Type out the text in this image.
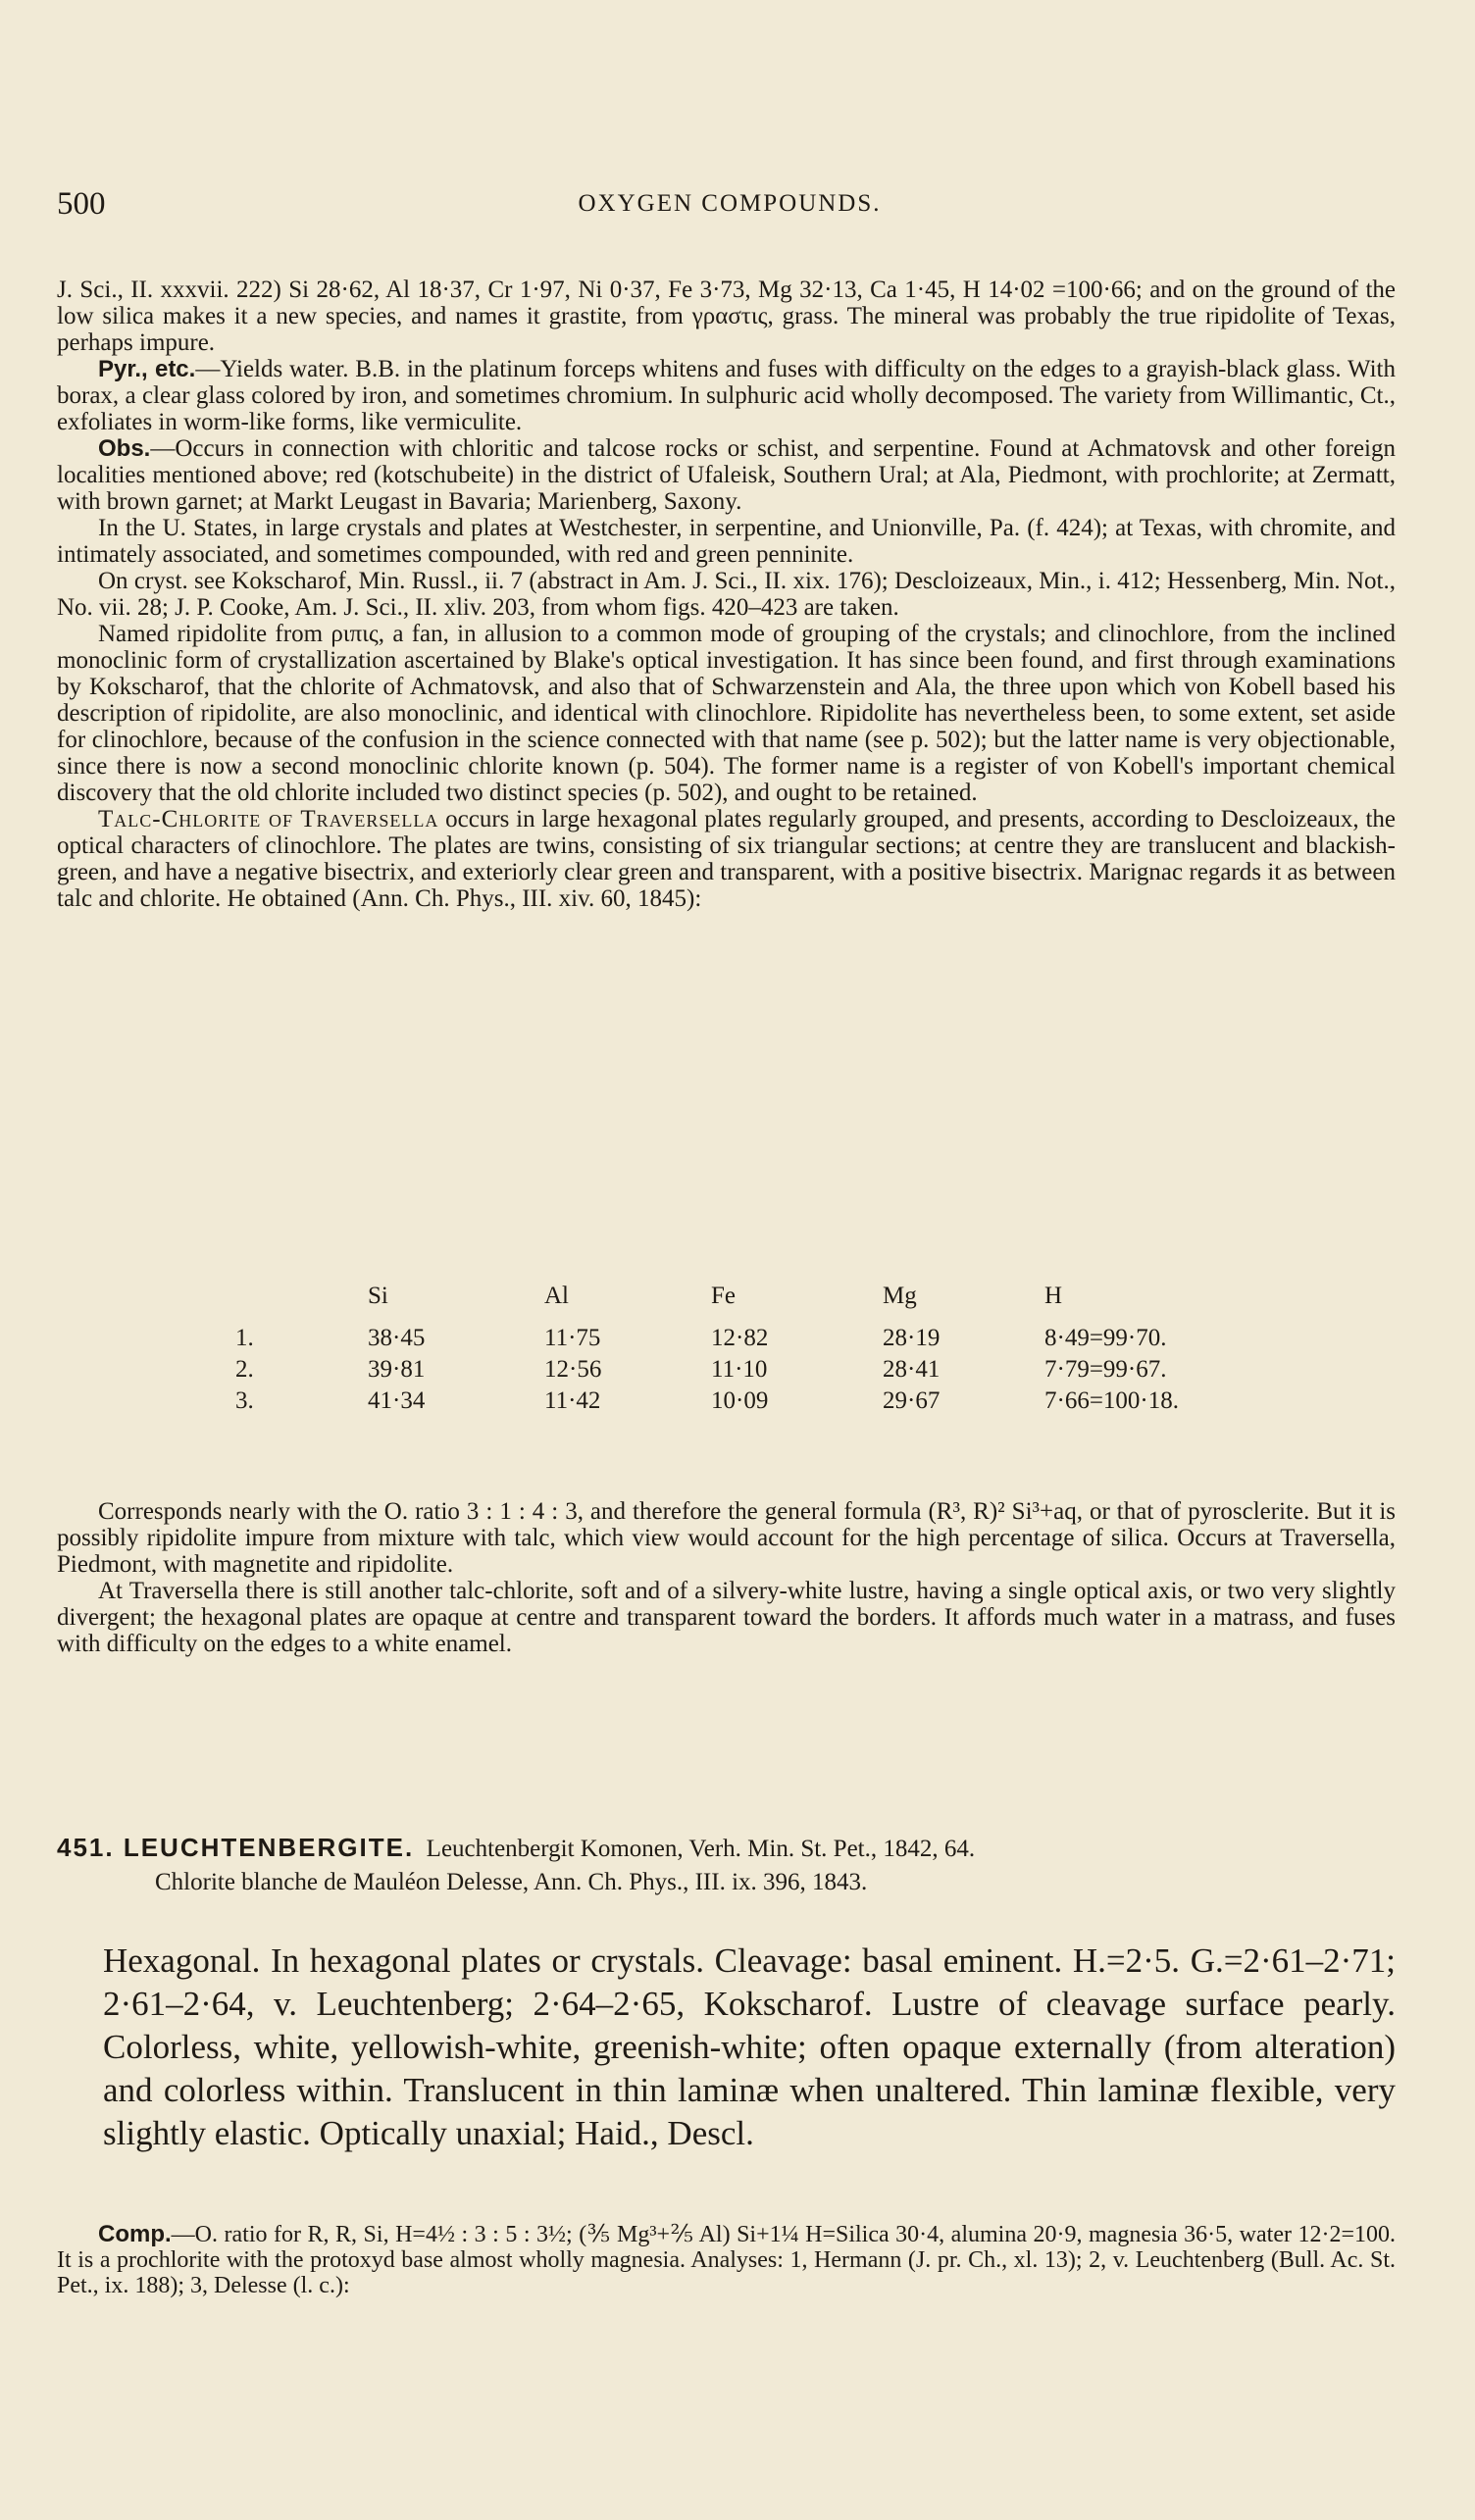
500	OXYGEN COMPOUNDS.

J. Sci., II. xxxvii. 222) Si 28·62, Al 18·37, Cr 1·97, Ni 0·37, Fe 3·73, Mg 32·13, Ca 1·45, H 14·02 =100·66; and on the ground of the low silica makes it a new species, and names it grastite, from γραστις, grass. The mineral was probably the true ripidolite of Texas, perhaps impure.

Pyr., etc.—Yields water. B.B. in the platinum forceps whitens and fuses with difficulty on the edges to a grayish-black glass. With borax, a clear glass colored by iron, and sometimes chromium. In sulphuric acid wholly decomposed. The variety from Willimantic, Ct., exfoliates in worm-like forms, like vermiculite.

Obs.—Occurs in connection with chloritic and talcose rocks or schist, and serpentine. Found at Achmatovsk and other foreign localities mentioned above; red (kotschubeite) in the district of Ufaleisk, Southern Ural; at Ala, Piedmont, with prochlorite; at Zermatt, with brown garnet; at Markt Leugast in Bavaria; Marienberg, Saxony.

In the U. States, in large crystals and plates at Westchester, in serpentine, and Unionville, Pa. (f. 424); at Texas, with chromite, and intimately associated, and sometimes compounded, with red and green penninite.

On cryst. see Kokscharof, Min. Russl., ii. 7 (abstract in Am. J. Sci., II. xix. 176); Descloizeaux, Min., i. 412; Hessenberg, Min. Not., No. vii. 28; J. P. Cooke, Am. J. Sci., II. xliv. 203, from whom figs. 420–423 are taken.

Named ripidolite from ριπις, a fan, in allusion to a common mode of grouping of the crystals; and clinochlore, from the inclined monoclinic form of crystallization ascertained by Blake's optical investigation. It has since been found, and first through examinations by Kokscharof, that the chlorite of Achmatovsk, and also that of Schwarzenstein and Ala, the three upon which von Kobell based his description of ripidolite, are also monoclinic, and identical with clinochlore. Ripidolite has nevertheless been, to some extent, set aside for clinochlore, because of the confusion in the science connected with that name (see p. 502); but the latter name is very objectionable, since there is now a second monoclinic chlorite known (p. 504). The former name is a register of von Kobell's important chemical discovery that the old chlorite included two distinct species (p. 502), and ought to be retained.

Talc-Chlorite of Traversella occurs in large hexagonal plates regularly grouped, and presents, according to Descloizeaux, the optical characters of clinochlore. The plates are twins, consisting of six triangular sections; at centre they are translucent and blackish-green, and have a negative bisectrix, and exteriorly clear green and transparent, with a positive bisectrix. Marignac regards it as between talc and chlorite. He obtained (Ann. Ch. Phys., III. xiv. 60, 1845):

	Si	Al	Fe	Mg	H
1.	38·45	11·75	12·82	28·19	8·49=99·70.
2.	39·81	12·56	11·10	28·41	7·79=99·67.
3.	41·34	11·42	10·09	29·67	7·66=100·18.

Corresponds nearly with the O. ratio 3 : 1 : 4 : 3, and therefore the general formula (R³, R)² Si³+aq, or that of pyrosclerite. But it is possibly ripidolite impure from mixture with talc, which view would account for the high percentage of silica. Occurs at Traversella, Piedmont, with magnetite and ripidolite.

At Traversella there is still another talc-chlorite, soft and of a silvery-white lustre, having a single optical axis, or two very slightly divergent; the hexagonal plates are opaque at centre and transparent toward the borders. It affords much water in a matrass, and fuses with difficulty on the edges to a white enamel.

451. LEUCHTENBERGITE. Leuchtenbergit Komonen, Verh. Min. St. Pet., 1842, 64.

Chlorite blanche de Mauléon Delesse, Ann. Ch. Phys., III. ix. 396, 1843.

Hexagonal. In hexagonal plates or crystals. Cleavage: basal eminent. H.=2·5. G.=2·61–2·71; 2·61–2·64, v. Leuchtenberg; 2·64–2·65, Kokscharof. Lustre of cleavage surface pearly. Colorless, white, yellowish-white, greenish-white; often opaque externally (from alteration) and colorless within. Translucent in thin laminæ when unaltered. Thin laminæ flexible, very slightly elastic. Optically unaxial; Haid., Descl.

Comp.—O. ratio for R, R, Si, H=4½ : 3 : 5 : 3½; (⅗ Mg³+⅖ Al) Si+1¼ H=Silica 30·4, alumina 20·9, magnesia 36·5, water 12·2=100. It is a prochlorite with the protoxyd base almost wholly magnesia. Analyses: 1, Hermann (J. pr. Ch., xl. 13); 2, v. Leuchtenberg (Bull. Ac. St. Pet., ix. 188); 3, Delesse (l. c.):
